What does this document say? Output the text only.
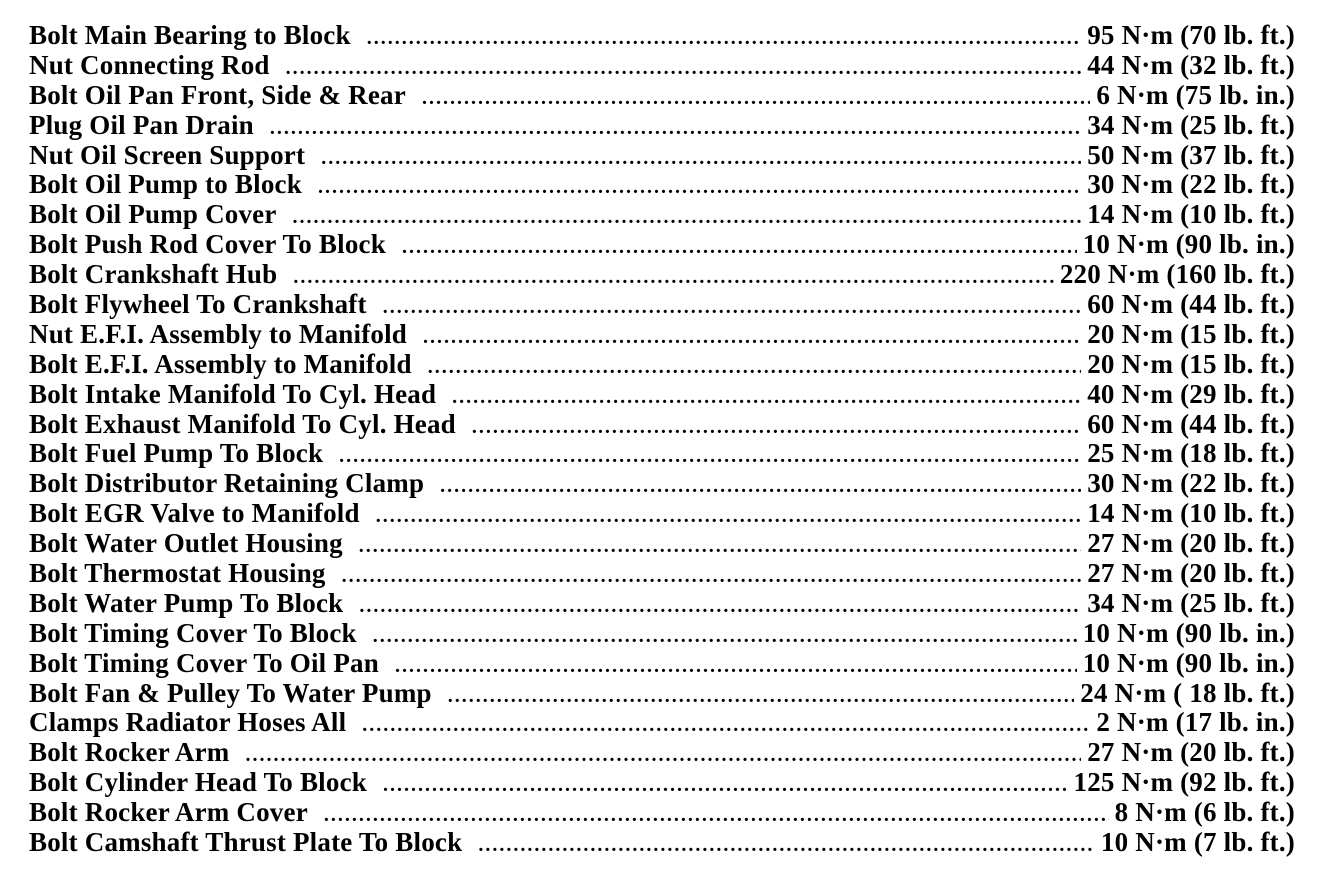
Bolt Main Bearing to Block .....	95 N·m (70 lb. ft.)
Nut Connecting Rod .....	44 N·m (32 lb. ft.)
Bolt Oil Pan Front, Side & Rear .....	6 N·m (75 lb. in.)
Plug Oil Pan Drain .....	34 N·m (25 lb. ft.)
Nut Oil Screen Support .....	50 N·m (37 lb. ft.)
Bolt Oil Pump to Block .....	30 N·m (22 lb. ft.)
Bolt Oil Pump Cover .....	14 N·m (10 lb. ft.)
Bolt Push Rod Cover To Block .....	10 N·m (90 lb. in.)
Bolt Crankshaft Hub .....	220 N·m (160 lb. ft.)
Bolt Flywheel To Crankshaft .....	60 N·m (44 lb. ft.)
Nut E.F.I. Assembly to Manifold .....	20 N·m (15 lb. ft.)
Bolt E.F.I. Assembly to Manifold .....	20 N·m (15 lb. ft.)
Bolt Intake Manifold To Cyl. Head .....	40 N·m (29 lb. ft.)
Bolt Exhaust Manifold To Cyl. Head .....	60 N·m (44 lb. ft.)
Bolt Fuel Pump To Block .....	25 N·m (18 lb. ft.)
Bolt Distributor Retaining Clamp .....	30 N·m (22 lb. ft.)
Bolt EGR Valve to Manifold .....	14 N·m (10 lb. ft.)
Bolt Water Outlet Housing .....	27 N·m (20 lb. ft.)
Bolt Thermostat Housing .....	27 N·m (20 lb. ft.)
Bolt Water Pump To Block .....	34 N·m (25 lb. ft.)
Bolt Timing Cover To Block .....	10 N·m (90 lb. in.)
Bolt Timing Cover To Oil Pan .....	10 N·m (90 lb. in.)
Bolt Fan & Pulley To Water Pump .....	24 N·m ( 18 lb. ft.)
Clamps Radiator Hoses All .....	2 N·m (17 lb. in.)
Bolt Rocker Arm .....	27 N·m (20 lb. ft.)
Bolt Cylinder Head To Block .....	125 N·m (92 lb. ft.)
Bolt Rocker Arm Cover .....	8 N·m (6 lb. ft.)
Bolt Camshaft Thrust Plate To Block .....	10 N·m (7 lb. ft.)
